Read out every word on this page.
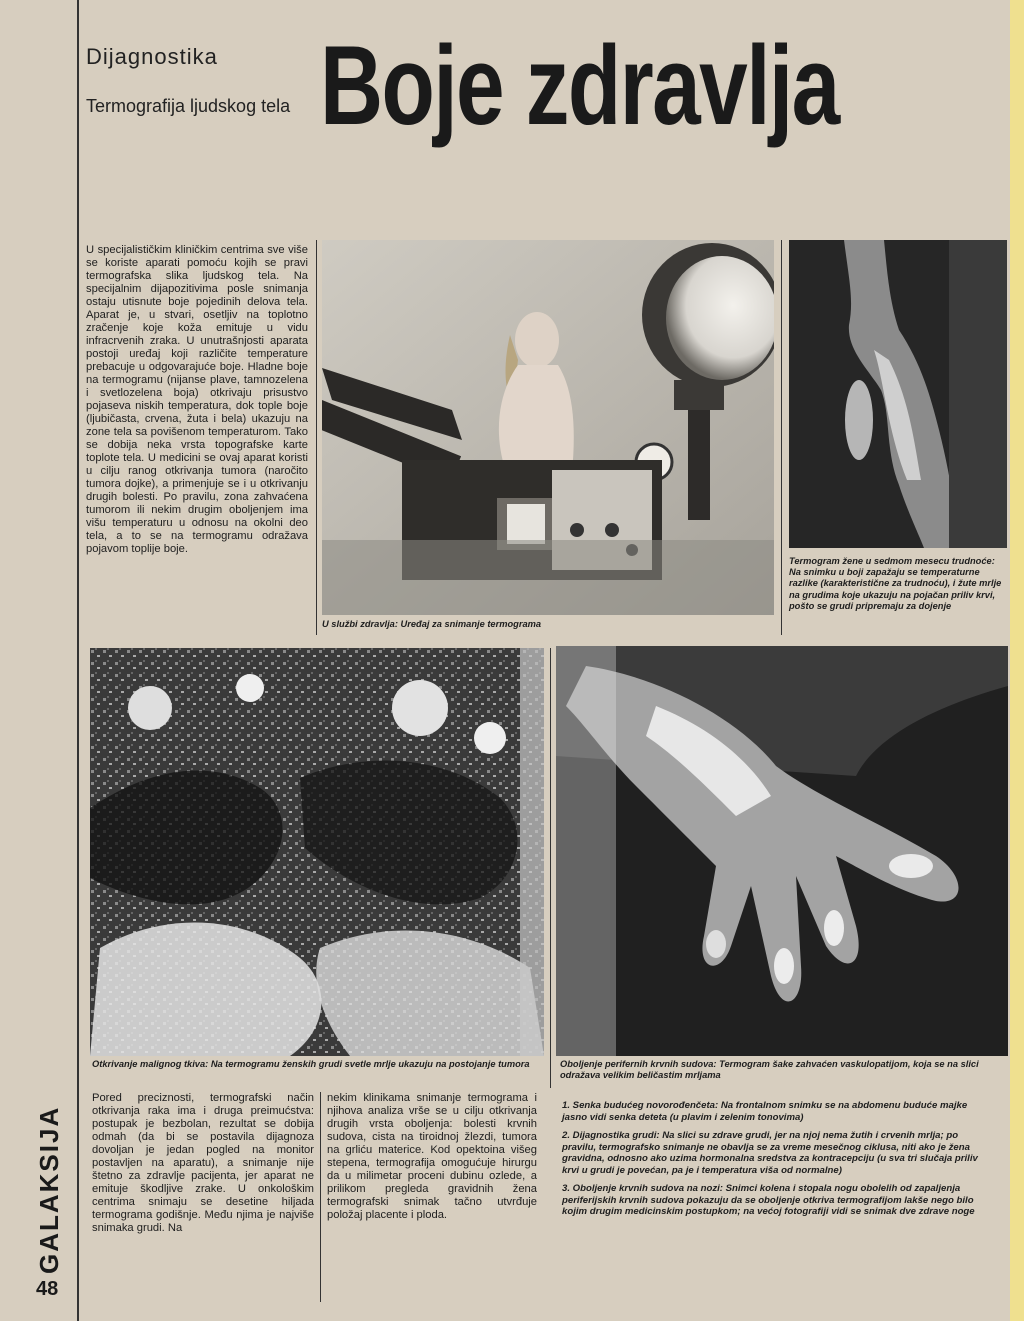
Dijagnostika
Termografija ljudskog tela Boje zdravlja
U specijalističkim kliničkim centrima sve više se koriste aparati pomoću kojih se pravi termografska slika ljudskog tela. Na specijalnim dijapozitivima posle snimanja ostaju utisnute boje pojedinih delova tela. Aparat je, u stvari, osetljiv na toplotno zračenje koje koža emituje u vidu infracrvenih zraka. U unutrašnjosti aparata postoji uređaj koji različite temperature prebacuje u odgovarajuće boje. Hladne boje na termogramu (nijanse plave, tamnozelena i svetlozelena boja) otkrivaju prisustvo pojaseva niskih temperatura, dok tople boje (ljubičasta, crvena, žuta i bela) ukazuju na zone tela sa povišenom temperaturom. Tako se dobija neka vrsta topografske karte toplote tela. U medicini se ovaj aparat koristi u cilju ranog otkrivanja tumora (naročito tumora dojke), a primenjuje se i u otkrivanju drugih bolesti. Po pravilu, zona zahvaćena tumorom ili nekim drugim oboljenjem ima višu temperaturu u odnosu na okolni deo tela, a to se na termogramu odražava pojavom toplije boje.
U službi zdravlja: Uređaj za snimanje termograma
Termogram žene u sedmom mesecu trudnoće: Na snimku u boji zapažaju se temperaturne razlike (karakteristične za trudnoću), i žute mrlje na grudima koje ukazuju na pojačan priliv krvi, pošto se grudi pripremaju za dojenje
Otkrivanje malignog tkiva: Na termogramu ženskih grudi svetle mrlje ukazuju na postojanje tumora	Oboljenje perifernih krvnih sudova: Termogram šake zahvaćen vaskulopatijom, koja se na slici odražava velikim beličastim mrljama
Pored preciznosti, termografski način otkrivanja raka ima i druga preimućstva: postupak je bezbolan, rezultat se dobija odmah (da bi se postavila dijagnoza dovoljan je jedan pogled na monitor postavljen na aparatu), a snimanje nije štetno za zdravlje pacijenta, jer aparat ne emituje škodljive zrake. U onkološkim centrima snimaju se desetine hiljada termograma godišnje. Među njima je najviše snimaka grudi. Na
nekim klinikama snimanje termograma i njihova analiza vrše se u cilju otkrivanja drugih vrsta oboljenja: bolesti krvnih sudova, cista na tiroidnoj žlezdi, tumora na grliću materice. Kod opektoina višeg stepena, termografija omogućuje hirurgu da u milimetar proceni dubinu ozlede, a prilikom pregleda gravidnih žena termografski snimak tačno utvrđuje položaj placente i ploda.

1. Senka budućeg novorođenčeta: Na frontalnom snimku se na abdomenu buduće majke jasno vidi senka deteta (u plavim i zelenim tonovima)

2. Dijagnostika grudi: Na slici su zdrave grudi, jer na njoj nema žutih i crvenih mrlja; po pravilu, termografsko snimanje ne obavlja se za vreme mesečnog ciklusa, niti ako je žena gravidna, odnosno ako uzima hormonalna sredstva za kontracepciju (u sva tri slučaja priliv krvi u grudi je povećan, pa je i temperatura viša od normalne)

3. Oboljenje krvnih sudova na nozi: Snimci kolena i stopala nogu obolelih od zapaljenja periferijskih krvnih sudova pokazuju da se oboljenje otkriva termografijom lakše nego bilo kojim drugim medicinskim postupkom; na većoj fotografiji vidi se snimak dve zdrave noge

GALAKSIJA
48
